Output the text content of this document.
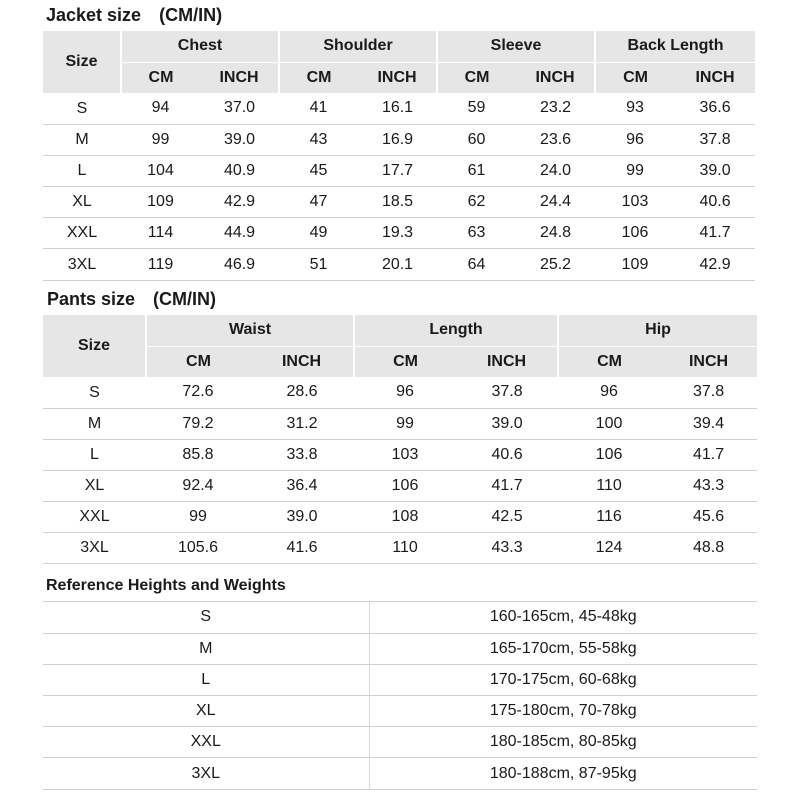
Jacket size (CM/IN)
Size	Chest		Shoulder		Sleeve		Back Length	
	CM	INCH	CM	INCH	CM	INCH	CM	INCH
S	94	37.0	41	16.1	59	23.2	93	36.6
M	99	39.0	43	16.9	60	23.6	96	37.8
L	104	40.9	45	17.7	61	24.0	99	39.0
XL	109	42.9	47	18.5	62	24.4	103	40.6
XXL	114	44.9	49	19.3	63	24.8	106	41.7
3XL	119	46.9	51	20.1	64	25.2	109	42.9
Pants size (CM/IN)
Size	Waist		Length		Hip	
	CM	INCH	CM	INCH	CM	INCH
S	72.6	28.6	96	37.8	96	37.8
M	79.2	31.2	99	39.0	100	39.4
L	85.8	33.8	103	40.6	106	41.7
XL	92.4	36.4	106	41.7	110	43.3
XXL	99	39.0	108	42.5	116	45.6
3XL	105.6	41.6	110	43.3	124	48.8
Reference Heights and Weights
S	160-165cm, 45-48kg
M	165-170cm, 55-58kg
L	170-175cm, 60-68kg
XL	175-180cm, 70-78kg
XXL	180-185cm, 80-85kg
3XL	180-188cm, 87-95kg
